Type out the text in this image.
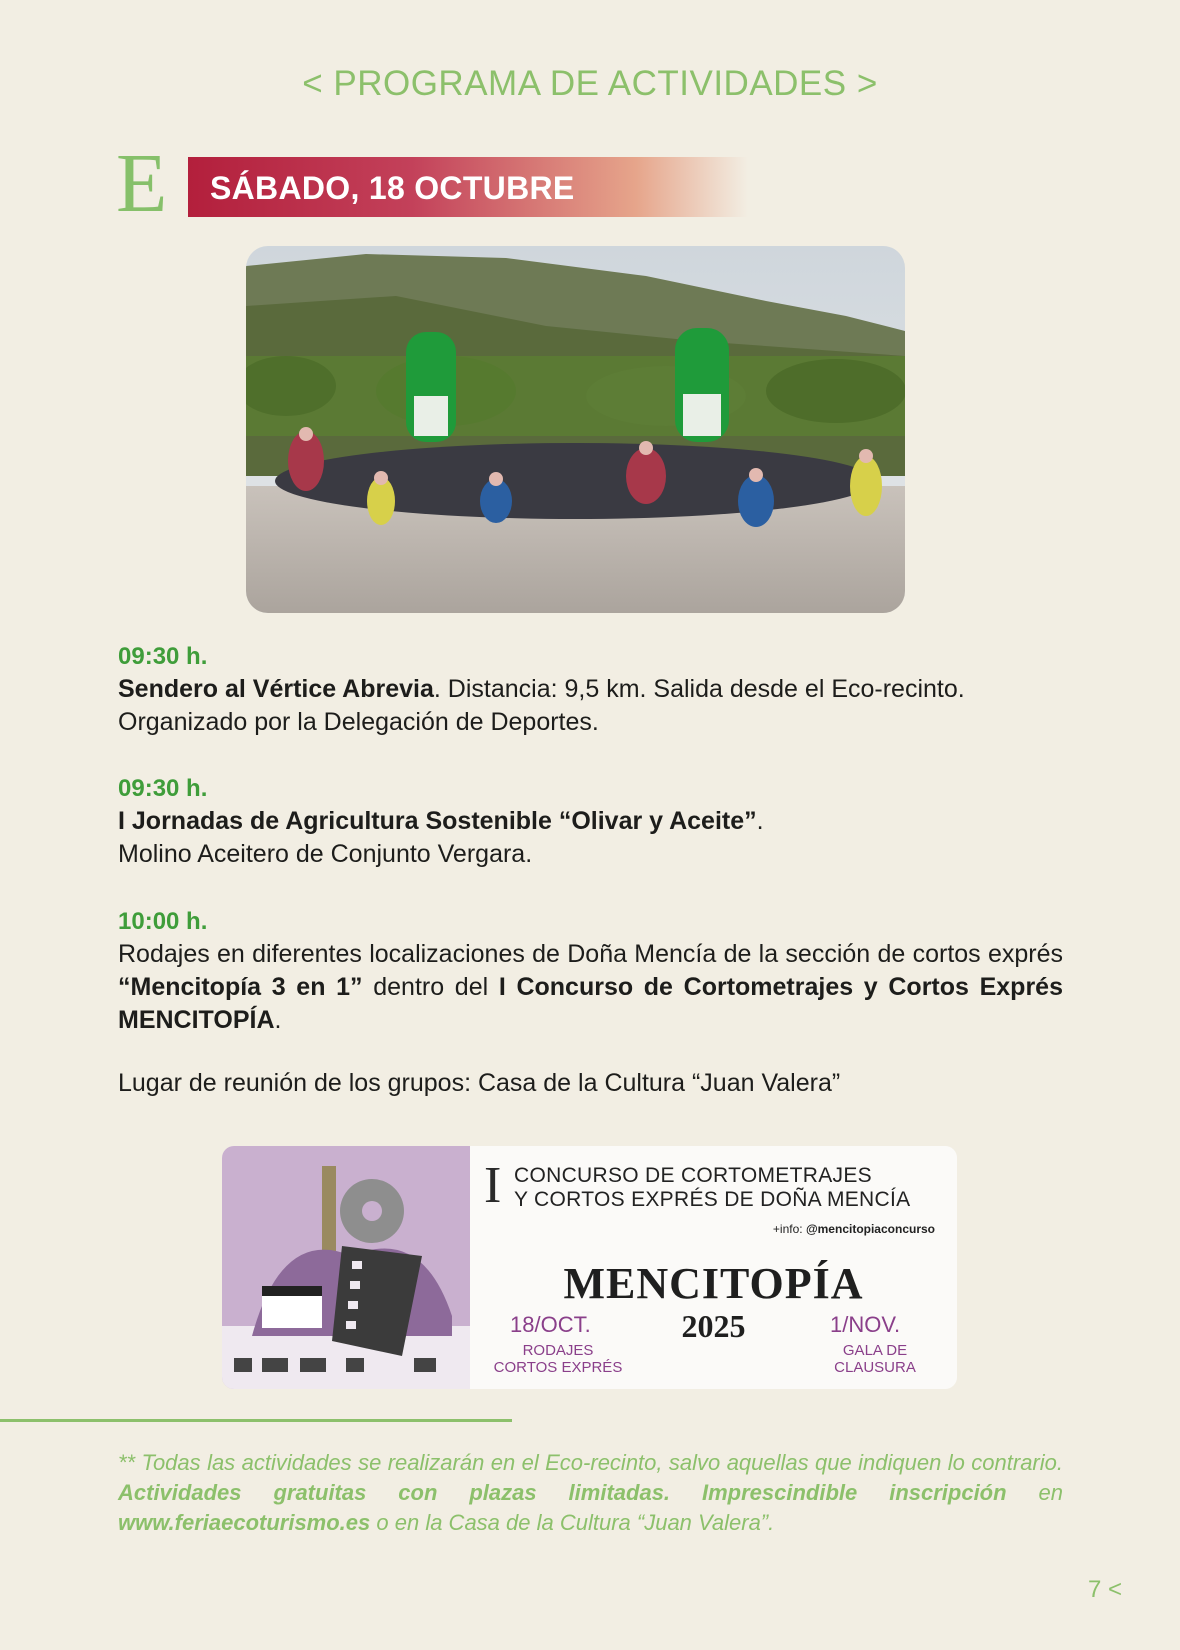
< PROGRAMA DE ACTIVIDADES >
E SÁBADO, 18 OCTUBRE
09:30 h.

Sendero al Vértice Abrevia. Distancia: 9,5 km. Salida desde el Eco-recinto.

Organizado por la Delegación de Deportes.

09:30 h.

I Jornadas de Agricultura Sostenible “Olivar y Aceite”.

Molino Aceitero de Conjunto Vergara.

10:00 h.

Rodajes en diferentes localizaciones de Doña Mencía de la sección de cortos exprés “Mencitopía 3 en 1” dentro del I Concurso de Cortometrajes y Cortos Exprés MENCITOPÍA.

Lugar de reunión de los grupos: Casa de la Cultura “Juan Valera”

I CONCURSO DE CORTOMETRAJES
Y CORTOS EXPRÉS DE DOÑA MENCÍA
+info: @mencitopiaconcurso
MENCITOPÍA
2025
18/OCT.
RODAJES
CORTOS EXPRÉS
1/NOV.
GALA DE
CLAUSURA
** Todas las actividades se realizarán en el Eco-recinto, salvo aquellas que indiquen lo contrario. Actividades gratuitas con plazas limitadas. Imprescindible inscripción en www.feriaecoturismo.es o en la Casa de la Cultura “Juan Valera”.
7 <
